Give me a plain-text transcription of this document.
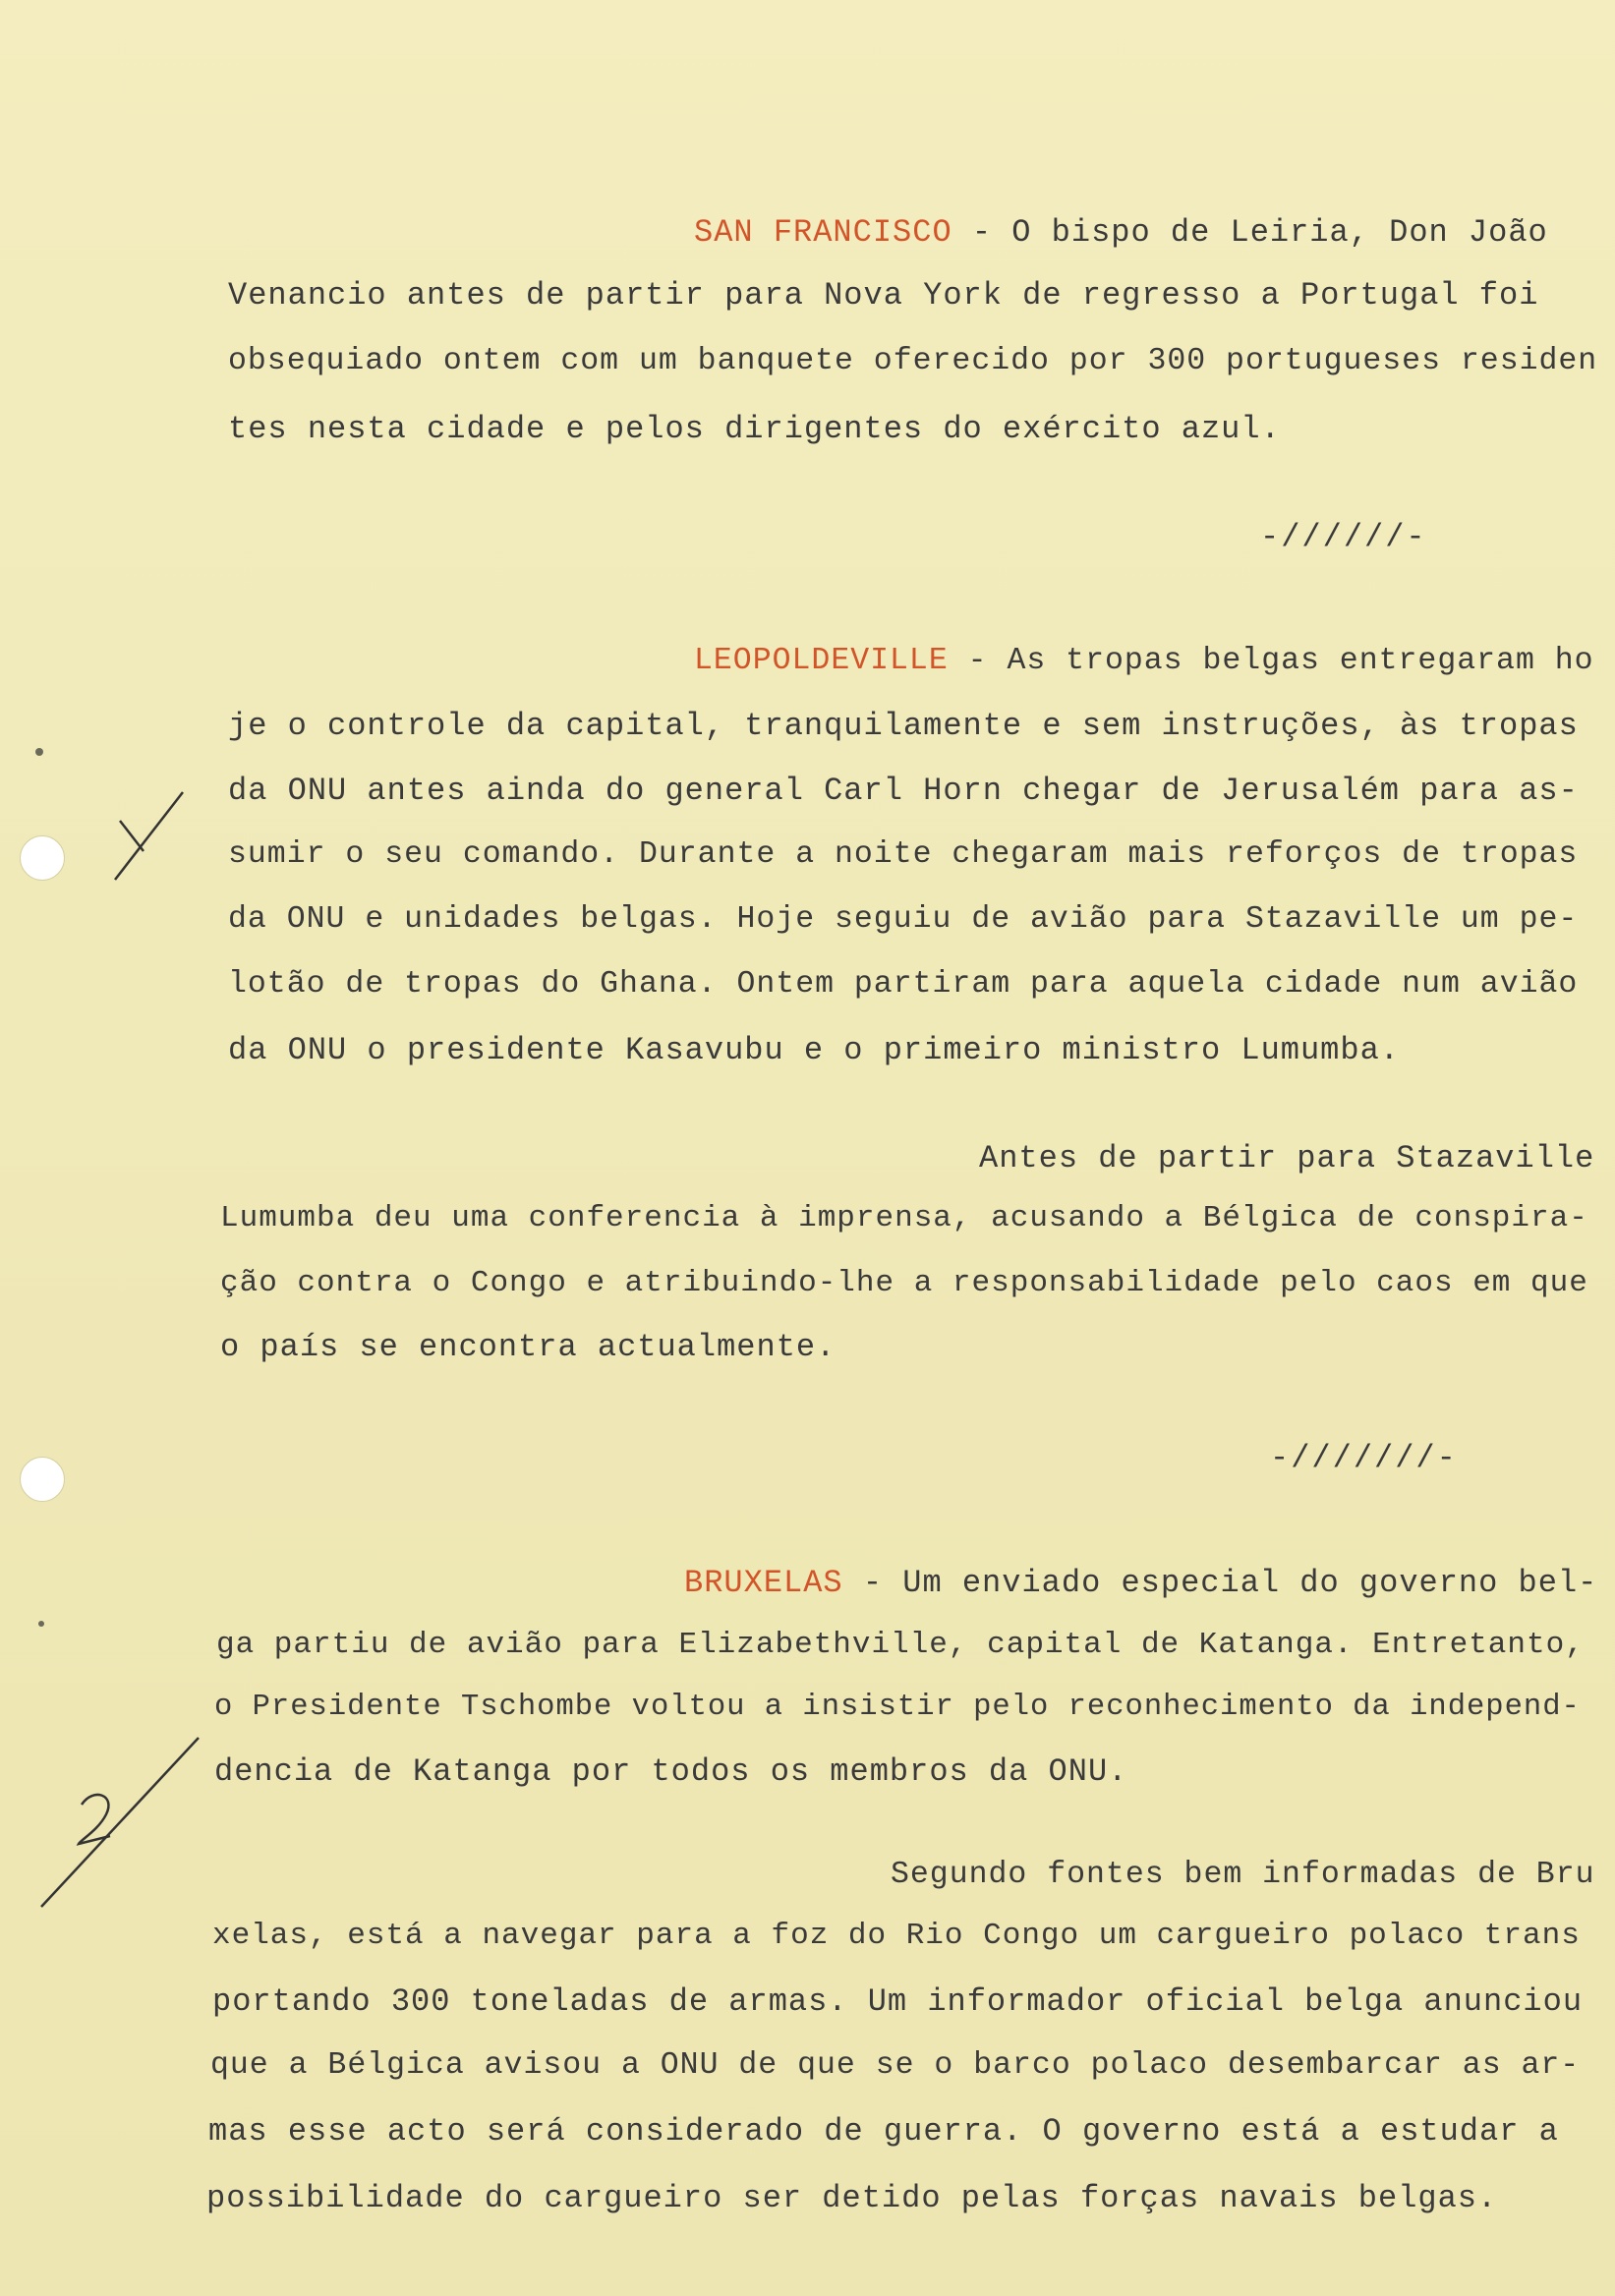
SAN FRANCISCO - O bispo de Leiria, Don João
Venancio antes de partir para Nova York de regresso a Portugal foi
obsequiado ontem com um banquete oferecido por 300 portugueses residen
tes nesta cidade e pelos dirigentes do exército azul.
-//////-
LEOPOLDEVILLE - As tropas belgas entregaram ho
je o controle da capital, tranquilamente e sem instruções, às tropas
da ONU antes ainda do general Carl Horn chegar de Jerusalém para as-
sumir o seu comando. Durante a noite chegaram mais reforços de tropas
da ONU e unidades belgas. Hoje seguiu de avião para Stazaville um pe-
lotão de tropas do Ghana. Ontem partiram para aquela cidade num avião
da ONU o presidente Kasavubu e o primeiro ministro Lumumba.
Antes de partir para Stazaville
Lumumba deu uma conferencia à imprensa, acusando a Bélgica de conspira-
ção contra o Congo e atribuindo-lhe a responsabilidade pelo caos em que
o país se encontra actualmente.
-///////-
BRUXELAS - Um enviado especial do governo bel-
ga partiu de avião para Elizabethville, capital de Katanga. Entretanto,
o Presidente Tschombe voltou a insistir pelo reconhecimento da independ-
dencia de Katanga por todos os membros da ONU.
Segundo fontes bem informadas de Bru
xelas, está a navegar para a foz do Rio Congo um cargueiro polaco trans
portando 300 toneladas de armas. Um informador oficial belga anunciou
que a Bélgica avisou a ONU de que se o barco polaco desembarcar as ar-
mas esse acto será considerado de guerra. O governo está a estudar a
possibilidade do cargueiro ser detido pelas forças navais belgas.
